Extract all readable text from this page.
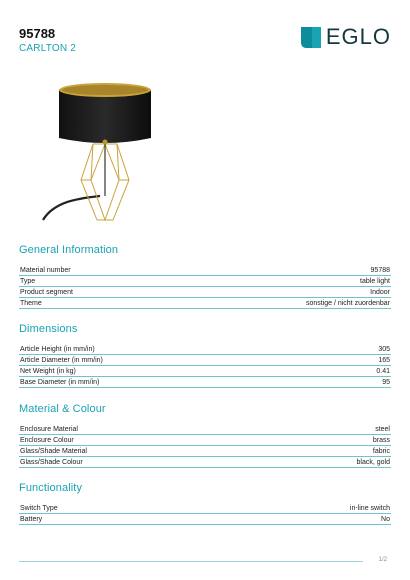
95788
CARLTON 2	EGLO
General Information
Material number	95788
Type	table light
Product segment	Indoor
Theme	sonstige / nicht zuordenbar
Dimensions
Article Height (in mm/in)	305
Article Diameter (in mm/in)	165
Net Weight (in kg)	0.41
Base Diameter (in mm/in)	95
Material & Colour
Enclosure Material	steel
Enclosure Colour	brass
Glass/Shade Material	fabric
Glass/Shade Colour	black, gold
Functionality
Switch Type	in-line switch
Battery	No
1/2
